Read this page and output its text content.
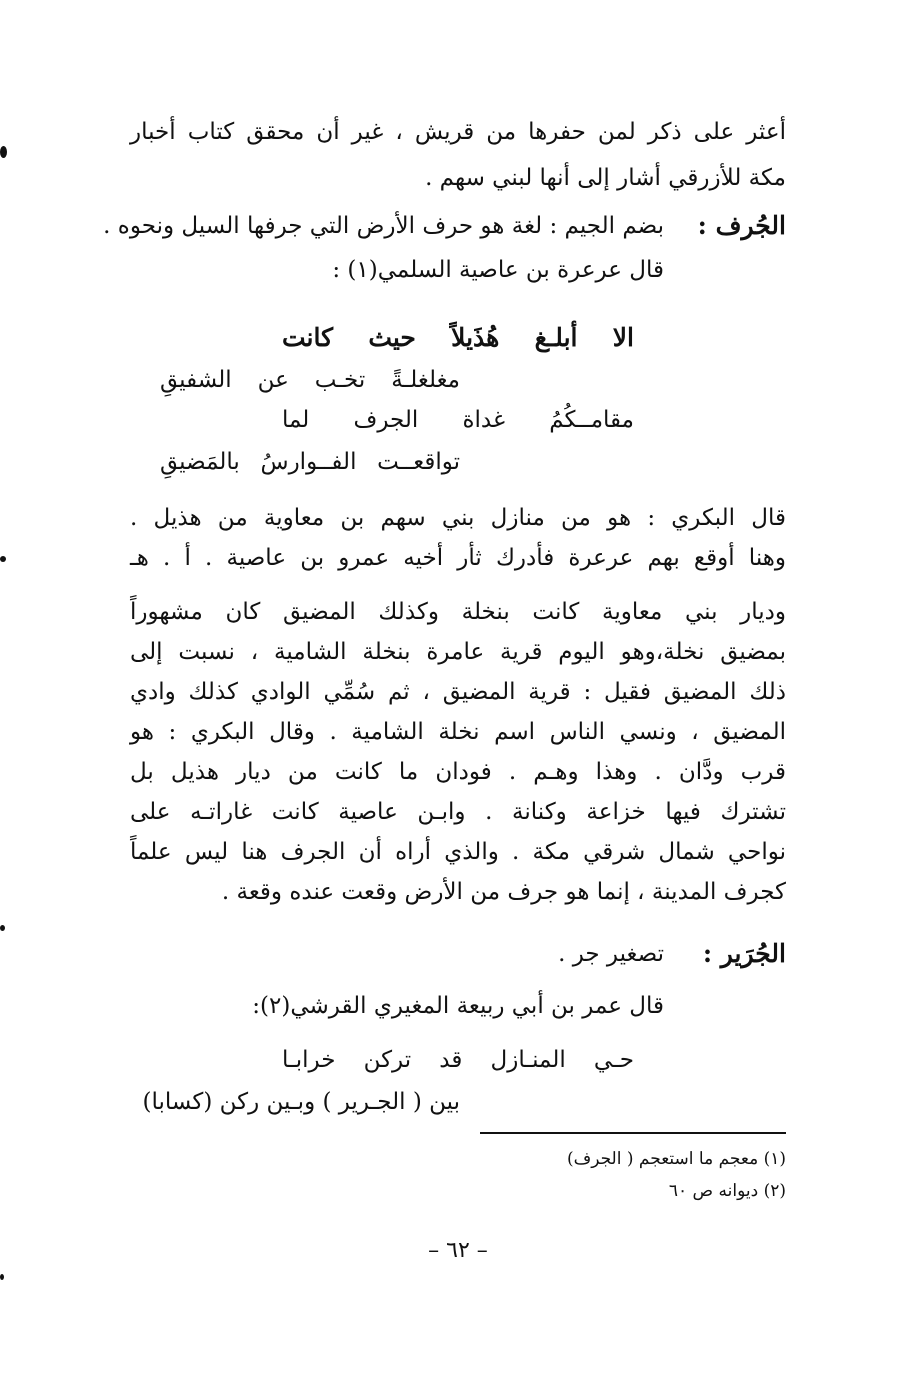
أعثر على ذكر لمن حفرها من قريش ، غير أن محقق كتاب أخبار
مكة للأزرقي أشار إلى أنها لبني سهم .
الجُرف :
بضم الجيم : لغة هو حرف الأرض التي جرفها السيل ونحوه .
قال عرعرة بن عاصية السلمي(١) :
الا أبلـغ هُذَيلاً حيث كانت
مغلغلـةً تخـب عن الشفيقِ
مقامــكُمُ غداة الجرف لما
تواقعــت الفــوارسُ بالمَضيقِ
قال البكري : هو من منازل بني سهم بن معاوية من هذيل .
وهنا أوقع بهم عرعرة فأدرك ثأر أخيه عمرو بن عاصية . أ . هـ
وديار بني معاوية كانت بنخلة وكذلك المضيق كان مشهوراً
بمضيق نخلة،وهو اليوم قرية عامرة بنخلة الشامية ، نسبت إلى
ذلك المضيق فقيل : قرية المضيق ، ثم سُمِّي الوادي كذلك وادي
المضيق ، ونسي الناس اسم نخلة الشامية . وقال البكري : هو
قرب ودَّان . وهذا وهـم . فودان ما كانت من ديار هذيل بل
تشترك فيها خزاعة وكنانة . وابـن عاصية كانت غاراتـه على
نواحي شمال شرقي مكة . والذي أراه أن الجرف هنا ليس علماً
كجرف المدينة ، إنما هو جرف من الأرض وقعت عنده وقعة .
الجُرَير :
تصغير جر .
قال عمر بن أبي ربيعة المغيري القرشي(٢):
حـي المنـازل قد تركن خرابـا
بين ( الجـرير ) وبـين ركن (كسابا)
(١) معجم ما استعجم ( الجرف)
(٢) ديوانه ص ٦٠
– ٦٢ –
